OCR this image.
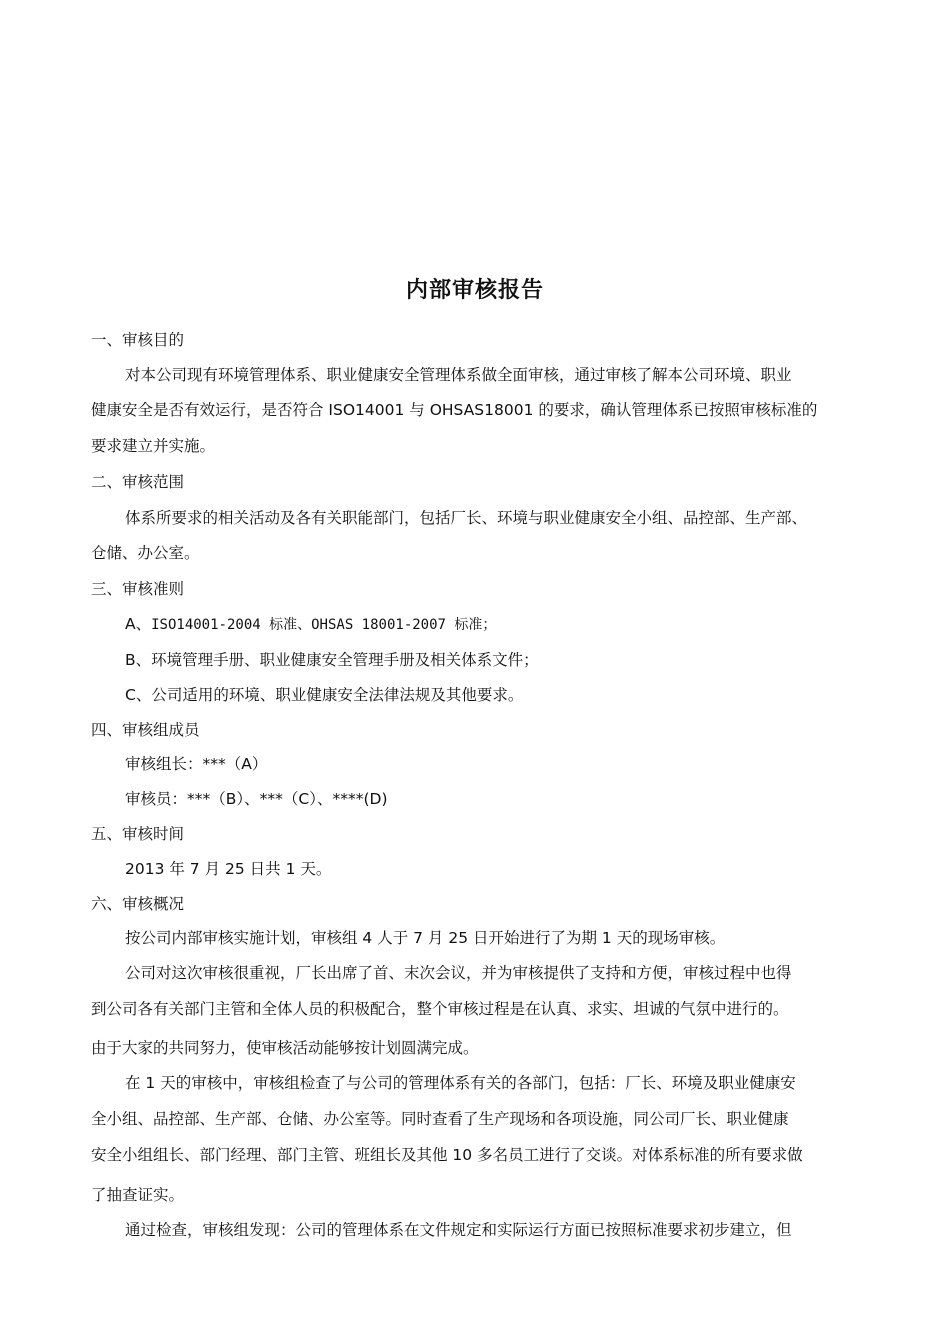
内部审核报告

一、审核目的

对本公司现有环境管理体系、职业健康安全管理体系做全面审核，通过审核了解本公司环境、职业

健康安全是否有效运行，是否符合 ISO14001 与 OHSAS18001 的要求，确认管理体系已按照审核标准的

要求建立并实施。

二、审核范围

体系所要求的相关活动及各有关职能部门，包括厂长、环境与职业健康安全小组、品控部、生产部、

仓储、办公室。

三、审核准则

A、ISO14001-2004 标准、OHSAS 18001-2007 标准；

B、环境管理手册、职业健康安全管理手册及相关体系文件；

C、公司适用的环境、职业健康安全法律法规及其他要求。

四、审核组成员

审核组长：***（A）

审核员：***（B）、***（C）、****(D)

五、审核时间

2013 年 7 月 25 日共 1 天。

六、审核概况

按公司内部审核实施计划，审核组 4 人于 7 月 25 日开始进行了为期 1 天的现场审核。

公司对这次审核很重视，厂长出席了首、末次会议，并为审核提供了支持和方便，审核过程中也得

到公司各有关部门主管和全体人员的积极配合，整个审核过程是在认真、求实、坦诚的气氛中进行的。

由于大家的共同努力，使审核活动能够按计划圆满完成。

在 1 天的审核中，审核组检查了与公司的管理体系有关的各部门，包括：厂长、环境及职业健康安

全小组、品控部、生产部、仓储、办公室等。同时查看了生产现场和各项设施，同公司厂长、职业健康

安全小组组长、部门经理、部门主管、班组长及其他 10 多名员工进行了交谈。对体系标准的所有要求做

了抽查证实。

通过检查，审核组发现：公司的管理体系在文件规定和实际运行方面已按照标准要求初步建立，但
